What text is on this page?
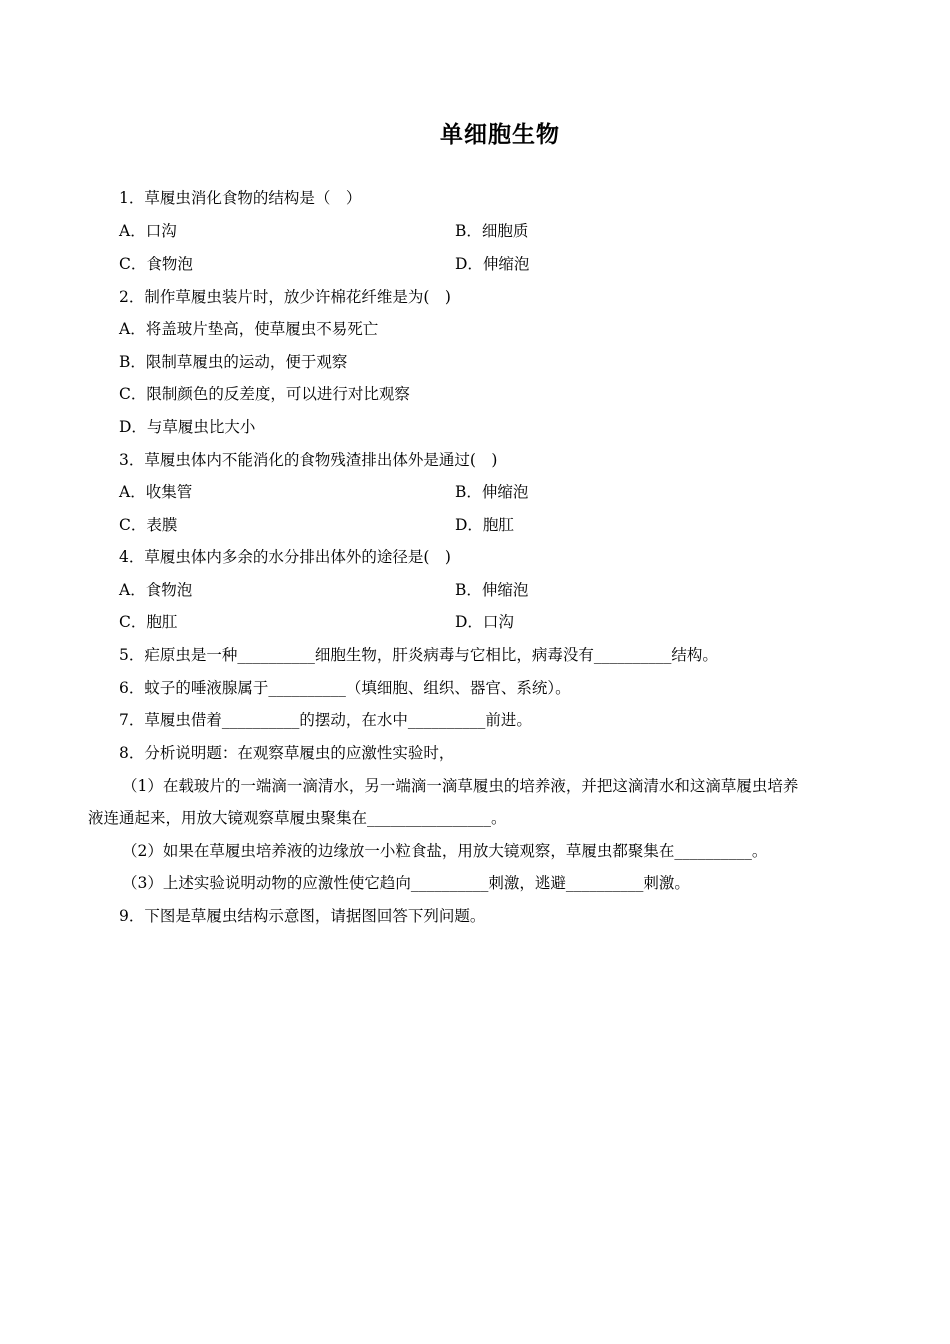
单细胞生物
1．草履虫消化食物的结构是（　）
A．口沟	B．细胞质
C．食物泡	D．伸缩泡
2．制作草履虫装片时，放少许棉花纤维是为(　)
A．将盖玻片垫高，使草履虫不易死亡
B．限制草履虫的运动，便于观察
C．限制颜色的反差度，可以进行对比观察
D．与草履虫比大小
3．草履虫体内不能消化的食物残渣排出体外是通过(　)
A．收集管	B．伸缩泡
C．表膜	D．胞肛
4．草履虫体内多余的水分排出体外的途径是(　)
A．食物泡	B．伸缩泡
C．胞肛	D．口沟
5．疟原虫是一种__________细胞生物，肝炎病毒与它相比，病毒没有__________结构。
6．蚊子的唾液腺属于__________（填细胞、组织、器官、系统）。
7．草履虫借着__________的摆动，在水中__________前进。
8．分析说明题：在观察草履虫的应激性实验时，
（1）在载玻片的一端滴一滴清水，另一端滴一滴草履虫的培养液，并把这滴清水和这滴草履虫培养
液连通起来，用放大镜观察草履虫聚集在________________。
（2）如果在草履虫培养液的边缘放一小粒食盐，用放大镜观察，草履虫都聚集在__________。
（3）上述实验说明动物的应激性使它趋向__________刺激，逃避__________刺激。
9．下图是草履虫结构示意图，请据图回答下列问题。
